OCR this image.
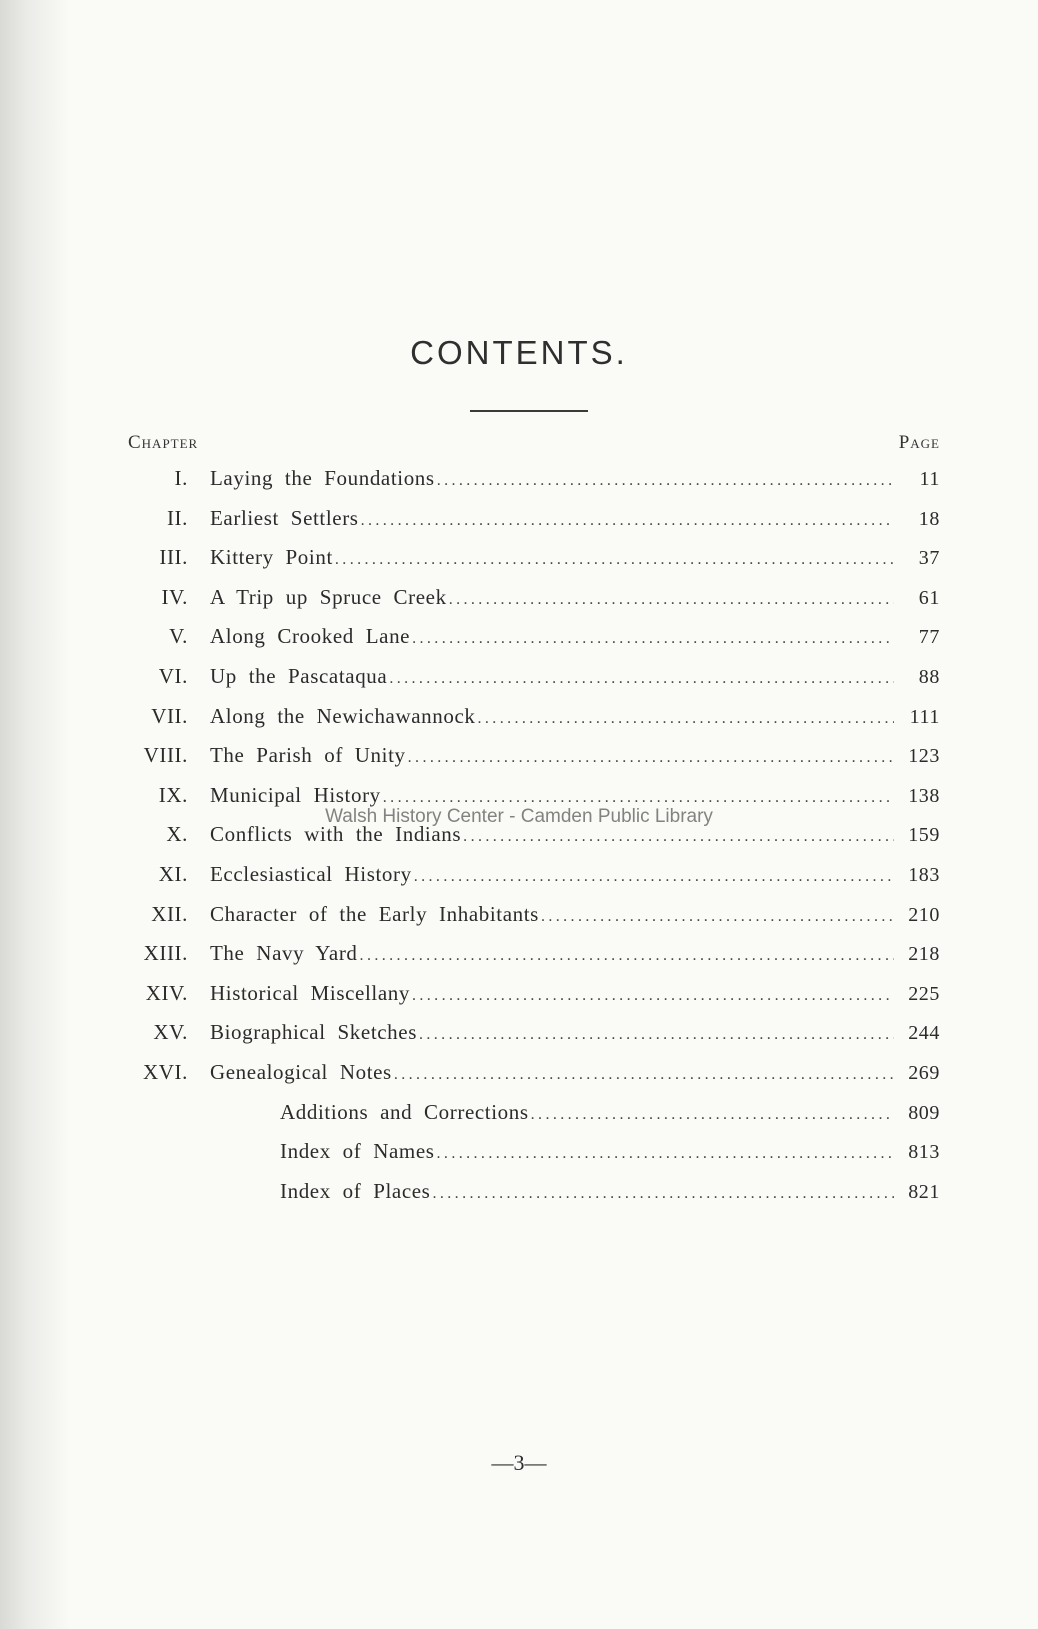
CONTENTS.
Chapter	Page
I.	Laying the Foundations .....	11
II.	Earliest Settlers .....	18
III.	Kittery Point .....	37
IV.	A Trip up Spruce Creek .....	61
V.	Along Crooked Lane .....	77
VI.	Up the Pascataqua .....	88
VII.	Along the Newichawannock .....	111
VIII.	The Parish of Unity .....	123
IX.	Municipal History .....	138
X.	Conflicts with the Indians .....	159
XI.	Ecclesiastical History .....	183
XII.	Character of the Early Inhabitants .....	210
XIII.	The Navy Yard .....	218
XIV.	Historical Miscellany .....	225
XV.	Biographical Sketches .....	244
XVI.	Genealogical Notes .....	269
Additions and Corrections .....	809
Index of Names .....	813
Index of Places .....	821
Walsh History Center - Camden Public Library
—3—
